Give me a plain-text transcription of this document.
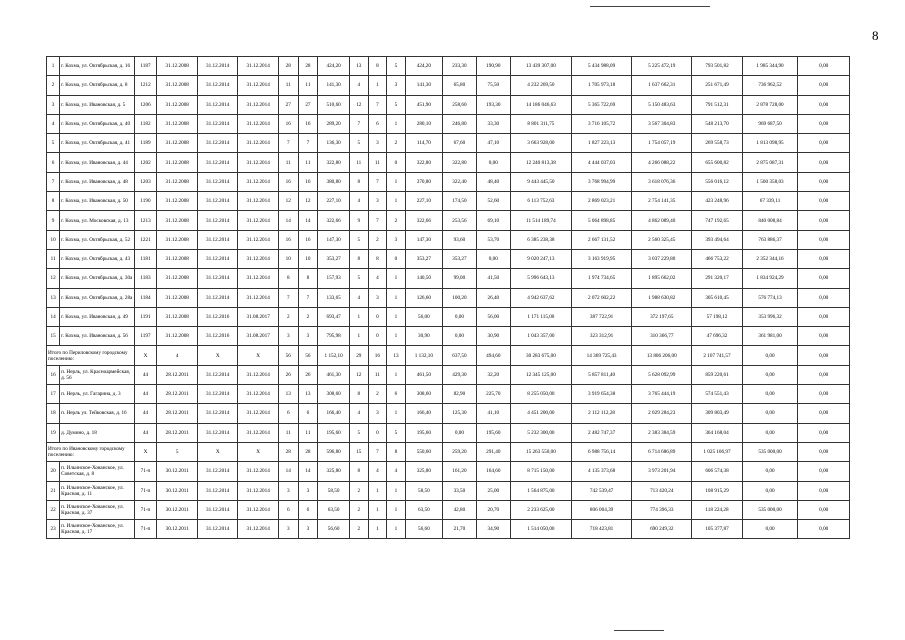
8
1	г. Кохма, ул. Октябрьская, д. 16	1187	31.12.2008	31.12.2014	31.12.2014	28	28	424,20	13	8	5	424,20	233,30	190,90	13 439 307,00	5 434 988,09	5 225 472,19	793 501,82	1 985 344,90	0,00
2	г. Кохма, ул. Октябрьская, д. 8	1212	31.12.2008	31.12.2014	31.12.2014	11	11	141,30	4	1	3	141,30	65,80	75,50	4 232 269,50	1 705 973,18	1 637 662,31	251 671,49	736 962,52	0,00
3	г. Кохма, ул. Ивановская, д. 5	1206	31.12.2008	31.12.2014	31.12.2014	27	27	510,60	12	7	5	451,90	258,60	193,30	14 186 046,63	5 365 722,69	5 150 483,63	791 512,31	2 878 728,00	0,00
4	г. Кохма, ул. Октябрьская, д. 40	1182	31.12.2008	31.12.2014	31.12.2014	16	16	289,20	7	6	1	280,10	246,80	33,30	8 801 311,75	3 716 105,72	3 567 304,83	548 213,70	969 687,50	0,00
5	г. Кохма, ул. Октябрьская, д. 41	1189	31.12.2008	31.12.2014	31.12.2014	7	7	136,30	5	3	2	114,70	67,60	47,10	3 663 928,00	1 827 223,13	1 754 057,19	269 558,73	1 813 098,95	0,00
6	г. Кохма, ул. Ивановская, д. 44	1202	31.12.2008	31.12.2014	31.12.2014	11	11	322,80	11	11	0	322,80	322,80	0,00	12 240 813,38	4 444 037,03	4 266 088,22	655 600,82	2 875 087,31	0,00
7	г. Кохма, ул. Ивановская, д. 48	1203	31.12.2008	31.12.2014	31.12.2014	16	16	380,80	8	7	1	370,80	322,40	48,40	9 443 445,50	3 768 994,99	3 618 076,36	556 016,12	1 500 358,03	0,00
8	г. Кохма, ул. Ивановская, д. 50	1190	31.12.2008	31.12.2014	31.12.2014	12	12	227,10	4	3	1	227,10	174,50	52,60	6 113 752,63	2 869 023,21	2 754 141,35	423 248,96	67 339,11	0,00
9	г. Кохма, ул. Московская, д. 13	1213	31.12.2008	31.12.2014	31.12.2014	14	14	322,66	9	7	2	322,66	253,56	69,10	11 514 189,74	5 064 898,85	4 862 089,40	747 192,65	840 008,84	0,00
10	г. Кохма, ул. Октябрьская, д. 52	1221	31.12.2008	31.12.2014	31.12.2014	16	16	147,30	5	2	3	147,30	93,60	53,70	6 385 238,38	2 667 131,52	2 560 325,45	393 494,64	763 886,37	0,00
11	г. Кохма, ул. Октябрьская, д. 43	1181	31.12.2008	31.12.2014	31.12.2014	10	10	353,27	8	8	0	353,27	353,27	0,00	9 020 247,13	3 163 919,95	3 037 229,80	466 753,22	2 352 344,16	0,00
12	г. Кохма, ул. Октябрьская, д. 30а	1183	31.12.2008	31.12.2014	31.12.2014	8	8	157,93	5	4	1	140,50	99,00	41,50	5 996 643,13	1 974 734,65	1 895 662,02	291 320,17	1 834 924,29	0,00
13	г. Кохма, ул. Октябрьская, д. 28а	1184	31.12.2008	31.12.2014	31.12.2014	7	7	133,65	4	3	1	126,60	100,20	26,40	4 942 637,62	2 072 602,22	1 988 630,82	305 610,45	576 774,13	0,00
14	г. Кохма, ул. Ивановская, д. 49	1191	31.12.2008	31.12.2016	31.08.2017	2	2	693,47	1	0	1	56,00	0,00	56,00	1 171 115,00	387 722,91	372 197,65	57 198,12	353 996,32	0,00
15	г. Кохма, ул. Ивановская, д. 56	1197	31.12.2008	31.12.2016	31.08.2017	3	3	795,98	1	0	1	30,90	0,00	30,90	1 043 357,00	323 312,91	310 366,77	47 696,32	361 981,00	0,00
Итого по Периловскому городскому поселению:		X	4	X	X	56	56	1 152,10	29	16	13	1 132,10	637,50	494,60	30 283 675,00	14 369 725,43	13 806 206,00	2 107 741,57	0,00	0,00
16	п. Нерль, ул. Красноармейская, д. 56	44	28.12.2011	31.12.2014	31.12.2014	26	26	461,30	12	11	1	461,50	429,30	32,20	12 345 125,00	5 857 811,40	5 628 092,99	859 220,61	0,00	0,00
17	п. Нерль, ул. Гагарина, д. 3	44	28.12.2011	31.12.2014	31.12.2014	13	13	308,60	8	2	6	308,60	82,90	225,70	8 255 050,00	3 919 654,38	3 765 444,19	574 551,43	0,00	0,00
18	п. Нерль ул. Тейковская, д. 16	44	28.12.2011	31.12.2014	31.12.2014	6	6	166,40	4	3	1	166,40	125,30	41,10	4 451 200,00	2 112 112,28	2 029 284,23	309 803,49	0,00	0,00
19	д. Думино, д. 18	44	28.12.2011	31.12.2014	31.12.2014	11	11	195,60	5	0	5	195,60	0,00	195,60	5 232 300,00	2 482 747,37	2 383 384,59	364 168,04	0,00	0,00
Итого по Ивановскому городскому поселению:		X	5	X	X	28	28	596,80	15	7	8	550,60	259,20	291,40	15 263 550,00	6 988 756,14	6 714 686,89	1 025 106,97	535 000,00	0,00
20	п. Ильинское-Хованское, ул. Советская, д. 8	71-п	30.12.2011	31.12.2014	31.12.2014	14	14	325,80	8	4	4	325,80	161,20	164,60	8 715 150,00	4 135 373,68	3 973 201,94	606 574,38	0,00	0,00
21	п. Ильинское-Хованское, ул. Красная, д. 11	71-п	30.12.2011	31.12.2014	31.12.2014	3	3	58,50	2	1	1	58,50	33,50	25,00	1 564 875,00	742 539,47	713 420,24	108 915,29	0,00	0,00
22	п. Ильинское-Хованское, ул. Красная, д. 37	71-п	30.12.2011	31.12.2014	31.12.2014	6	6	63,50	2	1	1	63,50	42,80	20,70	2 233 625,00	806 004,39	774 396,33	118 224,28	535 000,00	0,00
23	п. Ильинское-Хованское, ул. Красная, д. 17	71-п	30.12.2011	31.12.2014	31.12.2014	3	3	56,60	2	1	1	56,60	21,70	34,90	1 514 050,00	718 423,81	690 249,32	105 377,87	0,00	0,00
